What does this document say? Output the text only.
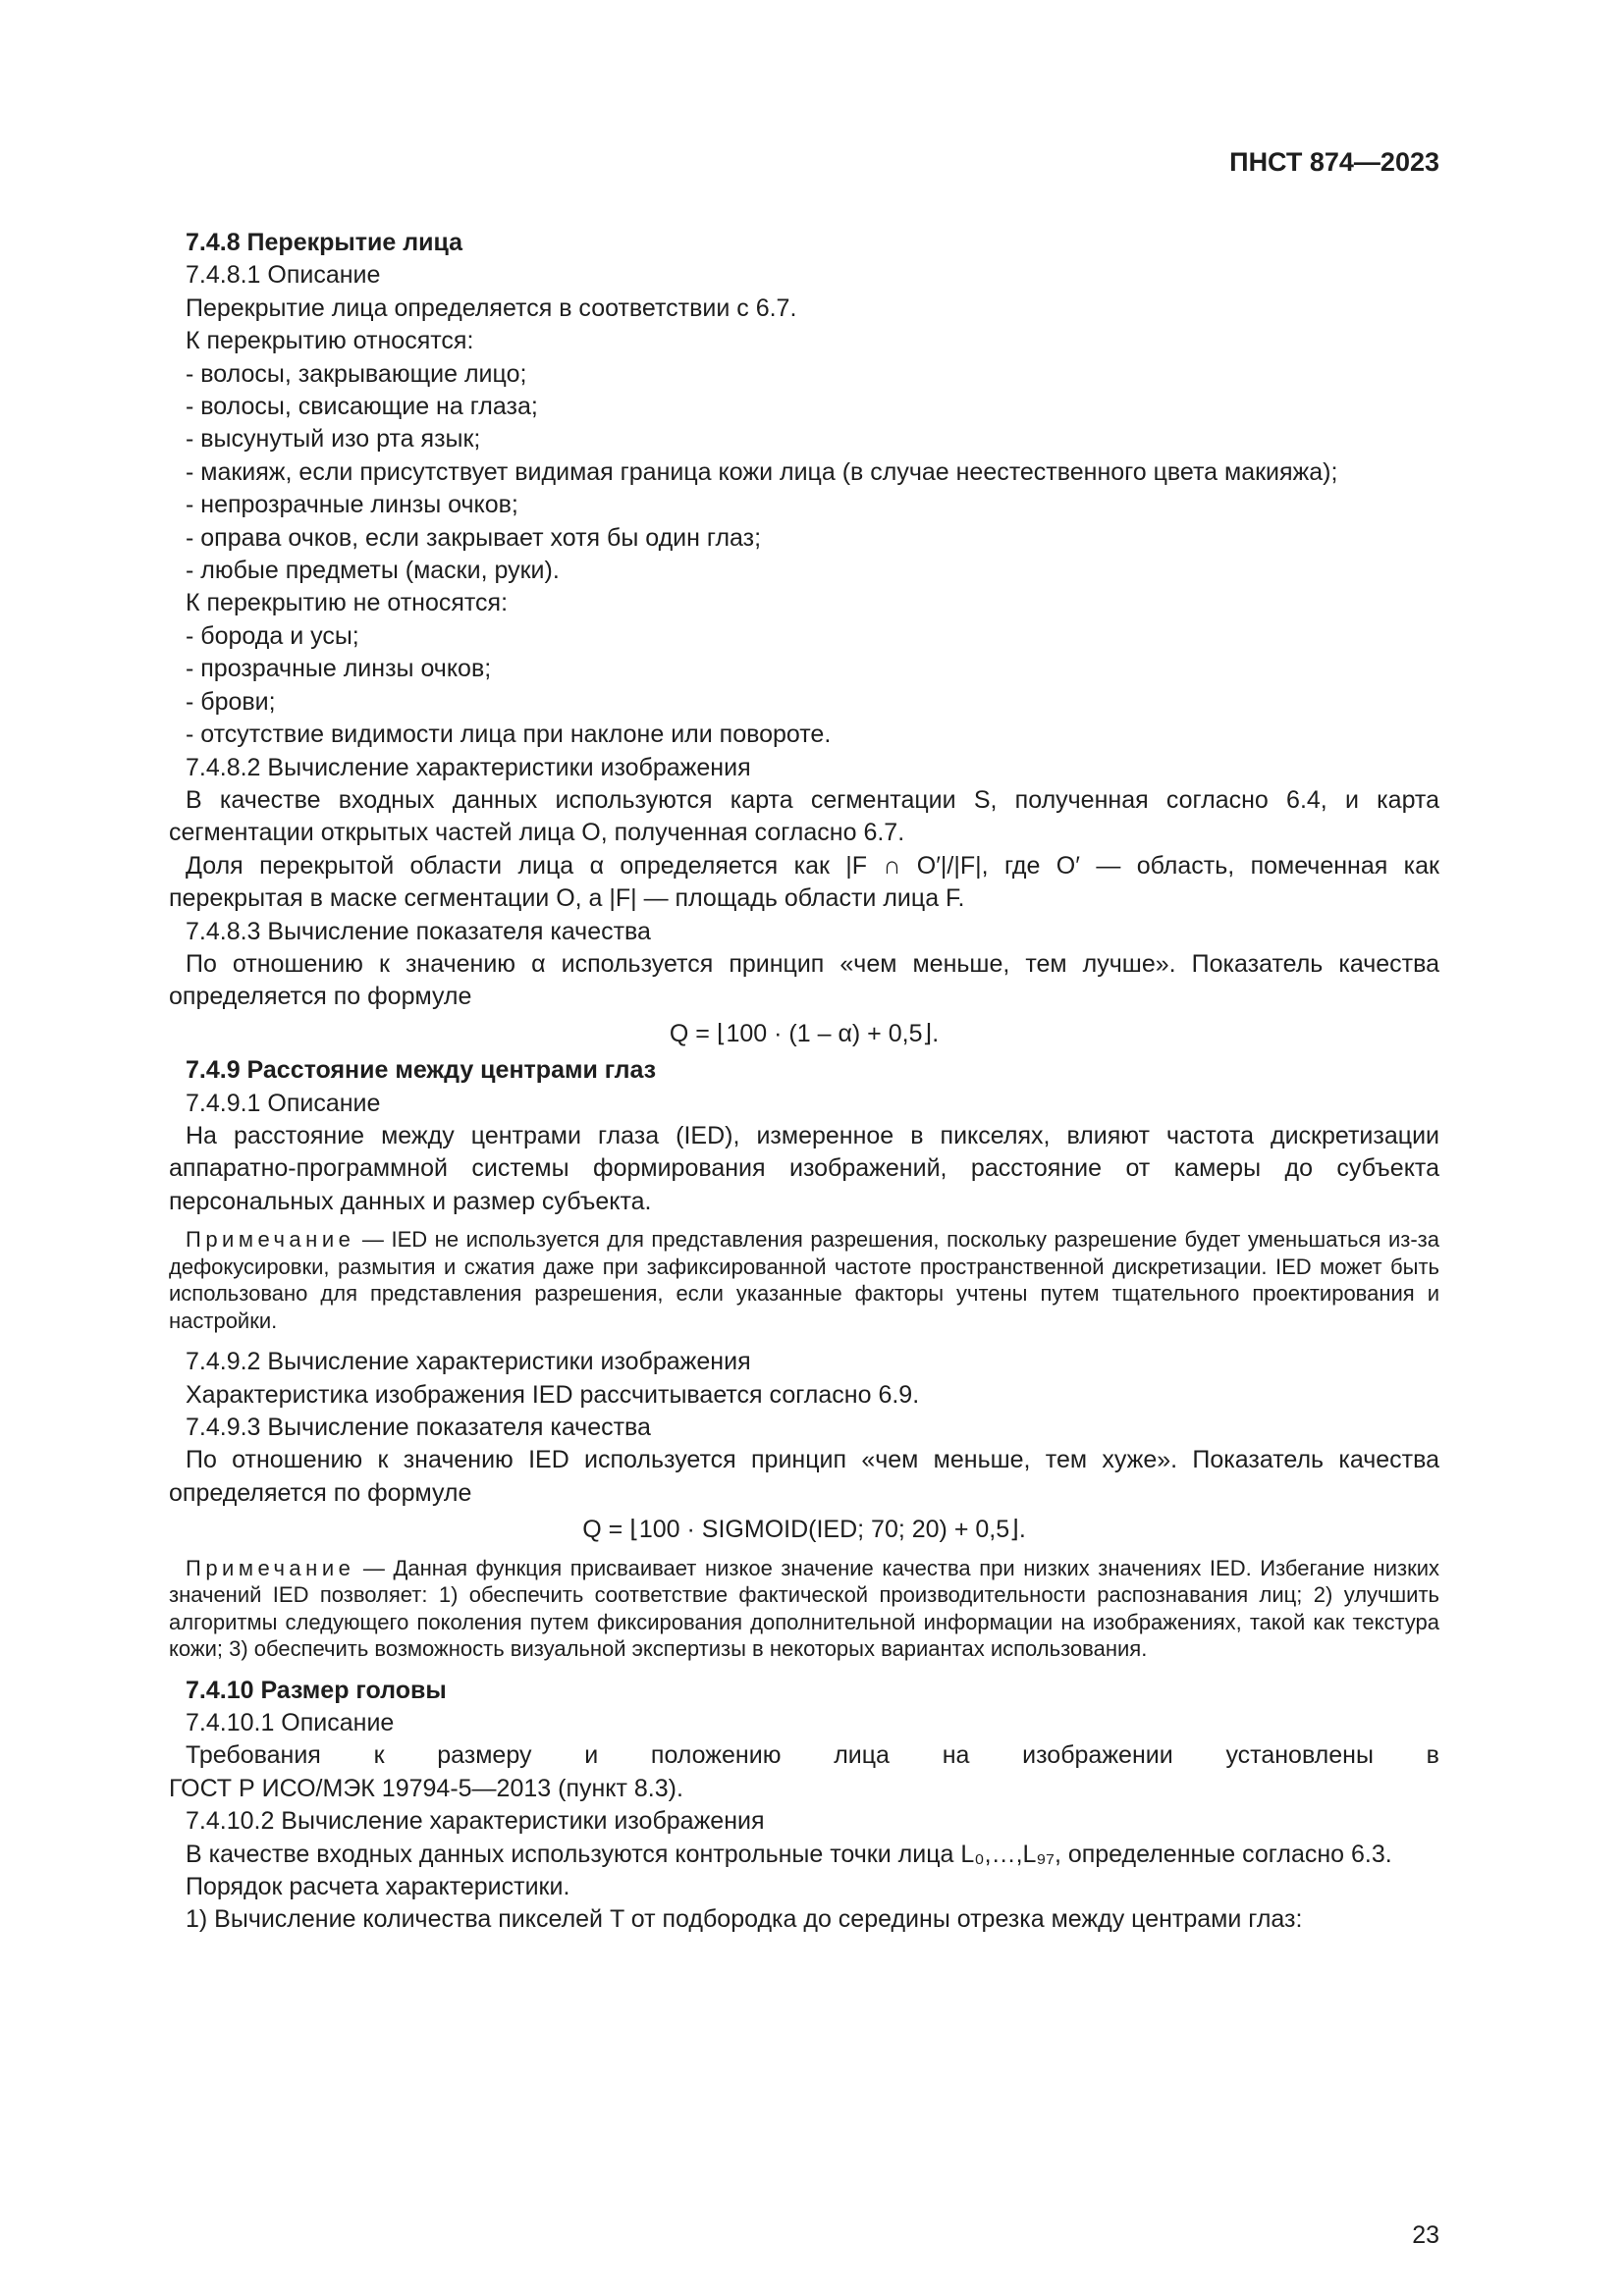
ПНСТ 874—2023
7.4.8 Перекрытие лица
7.4.8.1 Описание
Перекрытие лица определяется в соответствии с 6.7.
К перекрытию относятся:
- волосы, закрывающие лицо;
- волосы, свисающие на глаза;
- высунутый изо рта язык;
- макияж, если присутствует видимая граница кожи лица (в случае неестественного цвета макияжа);
- непрозрачные линзы очков;
- оправа очков, если закрывает хотя бы один глаз;
- любые предметы (маски, руки).
К перекрытию не относятся:
- борода и усы;
- прозрачные линзы очков;
- брови;
- отсутствие видимости лица при наклоне или повороте.
7.4.8.2 Вычисление характеристики изображения
В качестве входных данных используются карта сегментации S, полученная согласно 6.4, и карта сегментации открытых частей лица O, полученная согласно 6.7.
Доля перекрытой области лица α определяется как |F ∩ O′|/|F|, где O′ — область, помеченная как перекрытая в маске сегментации O, а |F| — площадь области лица F.
7.4.8.3 Вычисление показателя качества
По отношению к значению α используется принцип «чем меньше, тем лучше». Показатель качества определяется по формуле
Q = ⌊100 · (1 – α) + 0,5⌋.
7.4.9 Расстояние между центрами глаз
7.4.9.1 Описание
На расстояние между центрами глаза (IED), измеренное в пикселях, влияют частота дискретизации аппаратно-программной системы формирования изображений, расстояние от камеры до субъекта персональных данных и размер субъекта.
Примечание — IED не используется для представления разрешения, поскольку разрешение будет уменьшаться из-за дефокусировки, размытия и сжатия даже при зафиксированной частоте пространственной дискретизации. IED может быть использовано для представления разрешения, если указанные факторы учтены путем тщательного проектирования и настройки.
7.4.9.2 Вычисление характеристики изображения
Характеристика изображения IED рассчитывается согласно 6.9.
7.4.9.3 Вычисление показателя качества
По отношению к значению IED используется принцип «чем меньше, тем хуже». Показатель качества определяется по формуле
Q = ⌊100 · SIGMOID(IED; 70; 20) + 0,5⌋.
Примечание — Данная функция присваивает низкое значение качества при низких значениях IED. Избегание низких значений IED позволяет: 1) обеспечить соответствие фактической производительности распознавания лиц; 2) улучшить алгоритмы следующего поколения путем фиксирования дополнительной информации на изображениях, такой как текстура кожи; 3) обеспечить возможность визуальной экспертизы в некоторых вариантах использования.
7.4.10 Размер головы
7.4.10.1 Описание
Требования к размеру и положению лица на изображении установлены в
ГОСТ Р ИСО/МЭК 19794-5—2013 (пункт 8.3).
7.4.10.2 Вычисление характеристики изображения
В качестве входных данных используются контрольные точки лица L₀,…,L₉₇, определенные согласно 6.3.
Порядок расчета характеристики.
1) Вычисление количества пикселей T от подбородка до середины отрезка между центрами глаз:
23
